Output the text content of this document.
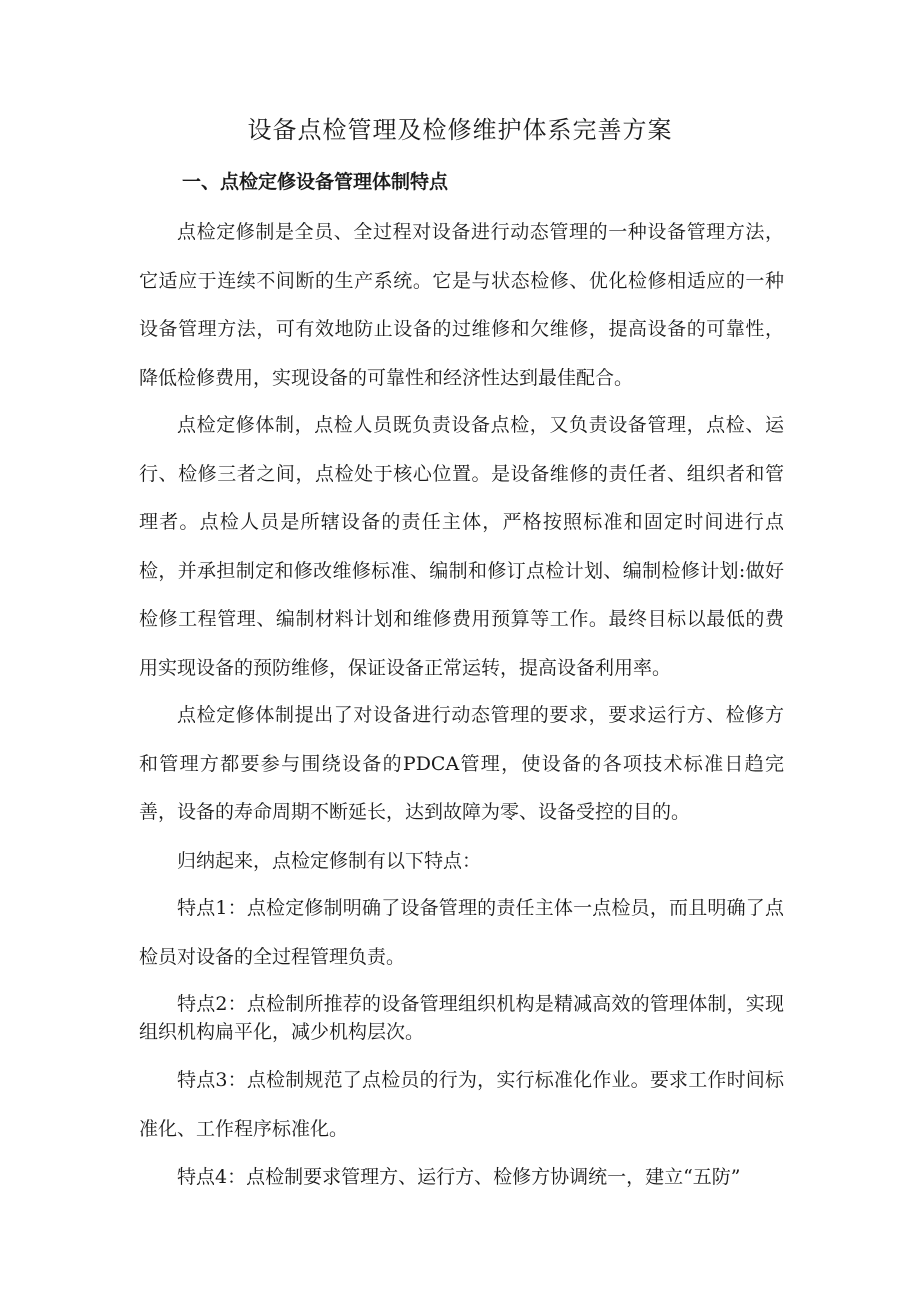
设备点检管理及检修维护体系完善方案
一、点检定修设备管理体制特点

点检定修制是全员、全过程对设备进行动态管理的一种设备管理方法，它适应于连续不间断的生产系统。它是与状态检修、优化检修相适应的一种设备管理方法，可有效地防止设备的过维修和欠维修，提高设备的可靠性，降低检修费用，实现设备的可靠性和经济性达到最佳配合。

点检定修体制，点检人员既负责设备点检，又负责设备管理，点检、运行、检修三者之间，点检处于核心位置。是设备维修的责任者、组织者和管理者。点检人员是所辖设备的责任主体，严格按照标准和固定时间进行点检，并承担制定和修改维修标准、编制和修订点检计划、编制检修计划:做好检修工程管理、编制材料计划和维修费用预算等工作。最终目标以最低的费用实现设备的预防维修，保证设备正常运转，提高设备利用率。

点检定修体制提出了对设备进行动态管理的要求，要求运行方、检修方和管理方都要参与围绕设备的PDCA管理，使设备的各项技术标准日趋完善，设备的寿命周期不断延长，达到故障为零、设备受控的目的。

归纳起来，点检定修制有以下特点：

特点1：点检定修制明确了设备管理的责任主体一点检员，而且明确了点检员对设备的全过程管理负责。

特点2：点检制所推荐的设备管理组织机构是精减高效的管理体制，实现组织机构扁平化，减少机构层次。

特点3：点检制规范了点检员的行为，实行标准化作业。要求工作时间标准化、工作程序标准化。

特点4：点检制要求管理方、运行方、检修方协调统一，建立“五防”
